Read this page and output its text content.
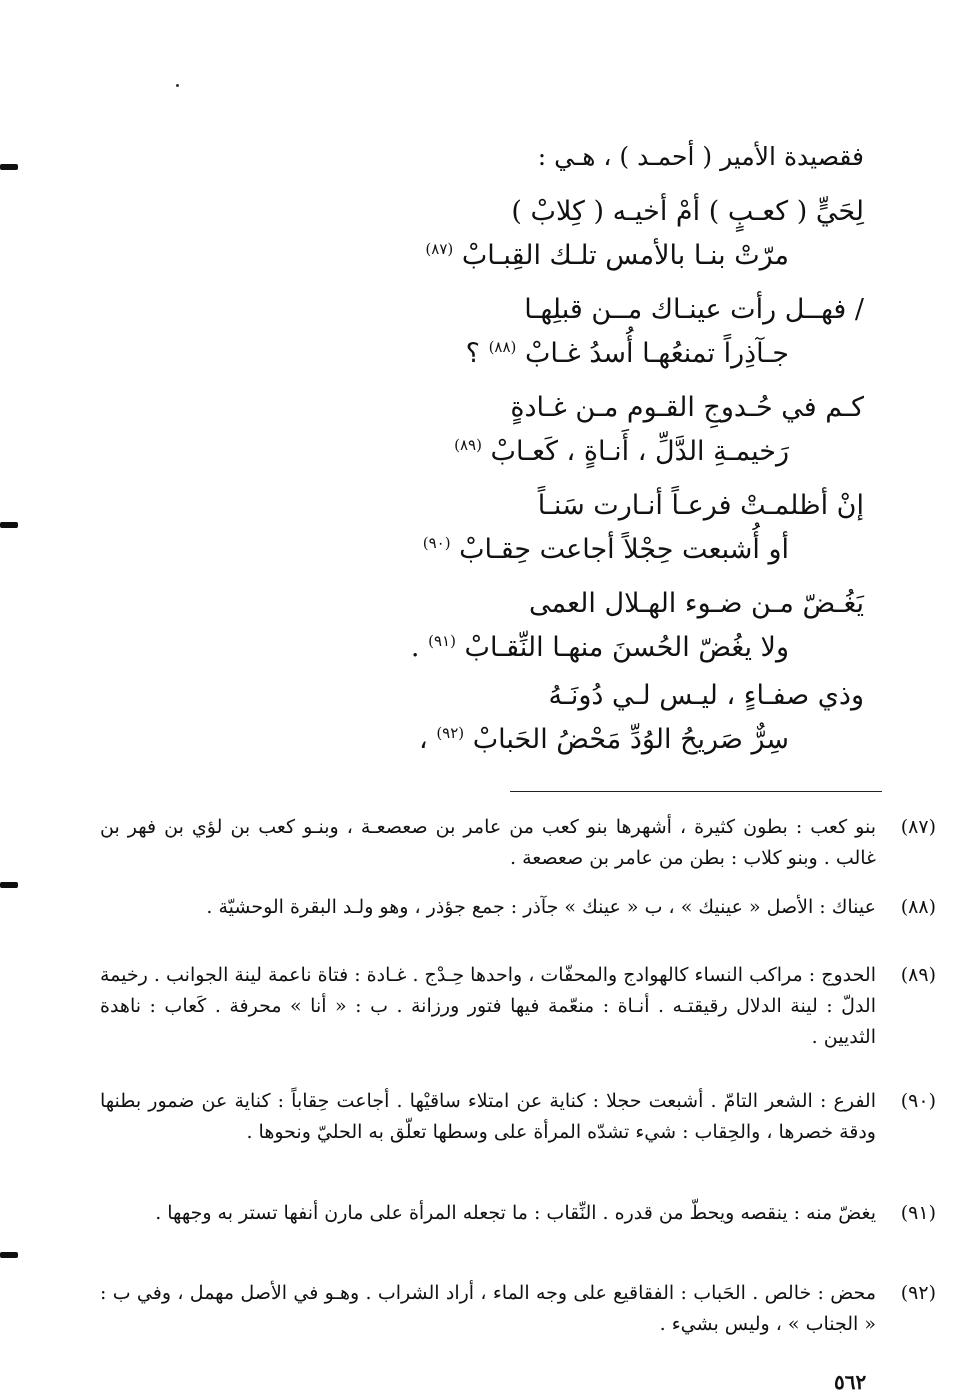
فقصيدة الأمير ( أحمـد ) ، هـي :
لِحَيٍّ ( كعـبٍ ) أمْ أخيـه ( كِلابْ )
مرّتْ بنـا بالأمس تلـك القِبـابْ $^{(٨٧)}$
/ فهــل رأت عينـاك مــن قبلِهـا
جـآذِراً تمنعُهـا أُسدُ غـابْ $^{(٨٨)}$ ؟
كـم في حُـدوجِ القـوم مـن غـادةٍ
رَخيمـةِ الدَّلِّ ، أَنـاةٍ ، كَعـابْ $^{(٨٩)}$
إنْ أظلمـتْ فرعـاً أنـارت سَنـاً
أو أُشبعت حِجْلاً أجاعت حِقـابْ $^{(٩٠)}$
يَغُـضّ مـن ضـوء الهـلال العمى
ولا يغُضّ الحُسنَ منهـا النِّقـابْ $^{(٩١)}$ .
وذي صفـاءٍ ، ليـس لـي دُونَـهُ
سِرٌّ صَريحُ الوُدِّ مَحْضُ الحَبابْ $^{(٩٢)}$ ،
(٨٧)
بنو كعب : بطون كثيرة ، أشهرها بنو كعب من عامر بن صعصعـة ، وبنـو كعب بن لؤي بن فهر بن غالب . وبنو كلاب : بطن من عامر بن صعصعة .
(٨٨)
عيناك : الأصل « عينيك » ، ب « عينك » جآذر : جمع جؤذر ، وهو ولـد البقرة الوحشيّة .
(٨٩)
الحدوج : مراكب النساء كالهوادج والمحفّات ، واحدها حِـدْج . غـادة : فتاة ناعمة لينة الجوانب . رخيمة الدلّ : لينة الدلال رقيقتـه . أنـاة : منعّمة فيها فتور ورزانة . ب : « أنا » محرفة . كَعاب : ناهدة الثديين .
(٩٠)
الفرع : الشعر التامّ . أشبعت حجلا : كناية عن امتلاء ساقيْها . أجاعت حِقاباً : كناية عن ضمور بطنها ودقة خصرها ، والحِقاب : شيء تشدّه المرأة على وسطها تعلّق به الحليّ ونحوها .
(٩١)
يغضّ منه : ينقصه ويحطّ من قدره . النِّقاب : ما تجعله المرأة على مارن أنفها تستر به وجهها .
(٩٢)
محض : خالص . الحَباب : الفقاقيع على وجه الماء ، أراد الشراب . وهـو في الأصل مهمل ، وفي ب : « الجناب » ، وليس بشيء .
٥٦٢
